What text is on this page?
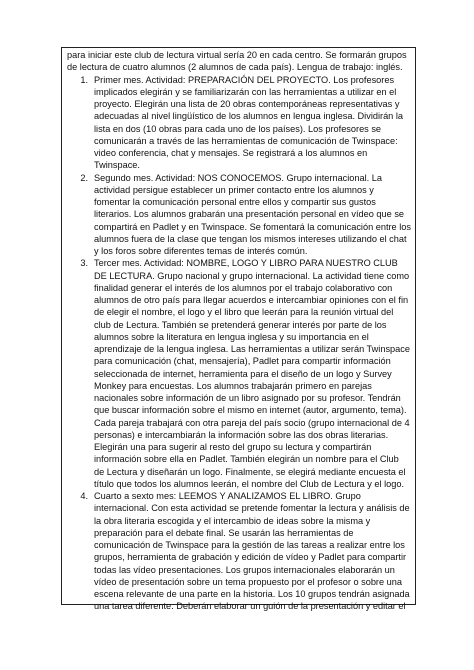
para iniciar este club de lectura virtual sería 20 en cada centro. Se formarán grupos de lectura de cuatro alumnos (2 alumnos de cada país). Lengua de trabajo: inglés.

1. Primer mes. Actividad: PREPARACIÓN DEL PROYECTO. Los profesores implicados elegirán y se familiarizarán con las herramientas a utilizar en el proyecto. Elegirán una lista de 20 obras contemporáneas representativas y adecuadas al nivel lingüístico de los alumnos en lengua inglesa. Dividirán la lista en dos (10 obras para cada uno de los países). Los profesores se comunicarán a través de las herramientas de comunicación de Twinspace: video conferencia, chat y mensajes. Se registrará a los alumnos en Twinspace.
2. Segundo mes. Actividad: NOS CONOCEMOS. Grupo internacional. La actividad persigue establecer un primer contacto entre los alumnos y fomentar la comunicación personal entre ellos y compartir sus gustos literarios. Los alumnos grabarán una presentación personal en vídeo que se compartirá en Padlet y en Twinspace. Se fomentará la comunicación entre los alumnos fuera de la clase que tengan los mismos intereses utilizando el chat y los foros sobre diferentes temas de interés común.
3. Tercer mes. Actividad: NOMBRE, LOGO Y LIBRO PARA NUESTRO CLUB DE LECTURA. Grupo nacional y grupo internacional. La actividad tiene como finalidad generar el interés de los alumnos por el trabajo colaborativo con alumnos de otro país para llegar acuerdos e intercambiar opiniones con el fin de elegir el nombre, el logo y el libro que leerán para la reunión virtual del club de Lectura. También se pretenderá generar interés por parte de los alumnos sobre la literatura en lengua inglesa y su importancia en el aprendizaje de la lengua inglesa. Las herramientas a utilizar serán Twinspace para comunicación (chat, mensajería), Padlet para compartir información seleccionada de internet, herramienta para el diseño de un logo y Survey Monkey para encuestas. Los alumnos trabajarán primero en parejas nacionales sobre información de un libro asignado por su profesor. Tendrán que buscar información sobre el mismo en internet (autor, argumento, tema). Cada pareja trabajará con otra pareja del país socio (grupo internacional de 4 personas) e intercambiarán la información sobre las dos obras literarias. Elegirán una para sugerir al resto del grupo su lectura y compartirán información sobre ella en Padlet. También elegirán un nombre para el Club de Lectura y diseñarán un logo. Finalmente, se elegirá mediante encuesta el título que todos los alumnos leerán, el nombre del Club de Lectura y el logo.
4. Cuarto a sexto mes: LEEMOS Y ANALIZAMOS EL LIBRO. Grupo internacional. Con esta actividad se pretende fomentar la lectura y análisis de la obra literaria escogida y el intercambio de ideas sobre la misma y preparación para el debate final. Se usarán las herramientas de comunicación de Twinspace para la gestión de las tareas a realizar entre los grupos, herramienta de grabación y edición de vídeo y Padlet para compartir todas las vídeo presentaciones. Los grupos internacionales elaborarán un vídeo de presentación sobre un tema propuesto por el profesor o sobre una escena relevante de una parte en la historia. Los 10 grupos tendrán asignada una tarea diferente. Deberán elaborar un guión de la presentación y editar el
